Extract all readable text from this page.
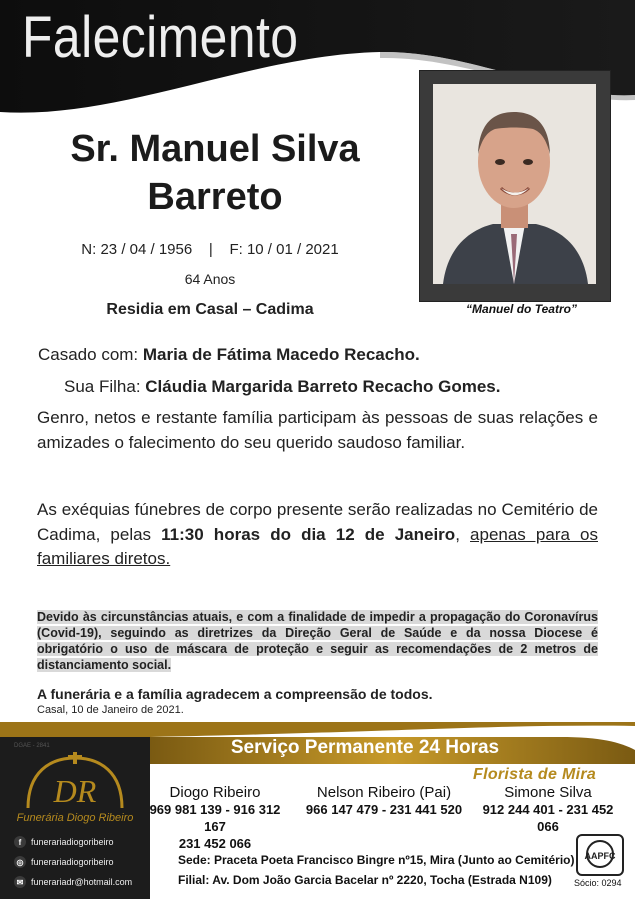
Falecimento
“Manuel do Teatro”
Sr. Manuel Silva
Barreto
N: 23 / 04 / 1956    |    F: 10 / 01 / 2021
64 Anos
Residia em Casal – Cadima
Casado com: Maria de Fátima Macedo Recacho.
Sua Filha: Cláudia Margarida Barreto Recacho Gomes.
Genro, netos e restante família participam às pessoas de suas relações e amizades o falecimento do seu querido saudoso familiar.
As exéquias fúnebres de corpo presente serão realizadas no Cemitério de Cadima, pelas 11:30 horas do dia 12 de Janeiro, apenas para os familiares diretos.
Devido às circunstâncias atuais, e com a finalidade de impedir a propagação do Coronavírus (Covid-19), seguindo as diretrizes da Direção Geral de Saúde e da nossa Diocese é obrigatório o uso de máscara de proteção e seguir as recomendações de 2 metros de distanciamento social.
A funerária e a família agradecem a compreensão de todos.
Casal, 10 de Janeiro de 2021.
DGAE - 2841
DR
Funerária Diogo Ribeiro
f	funerariadiogoribeiro
◎ funerariadiogoribeiro
✉ funerariadr@hotmail.com
Serviço Permanente 24 Horas
Florista de Mira
Diogo Ribeiro
969 981 139 - 916 312 167
231 452 066
Nelson Ribeiro (Pai)
966 147 479 - 231 441 520
Simone Silva
912 244 401 - 231 452 066
Sede: Praceta Poeta Francisco Bingre nº15, Mira (Junto ao Cemitério)
Filial: Av. Dom João Garcia Bacelar nº 2220, Tocha (Estrada N109)
AAPFC
Sócio: 0294
